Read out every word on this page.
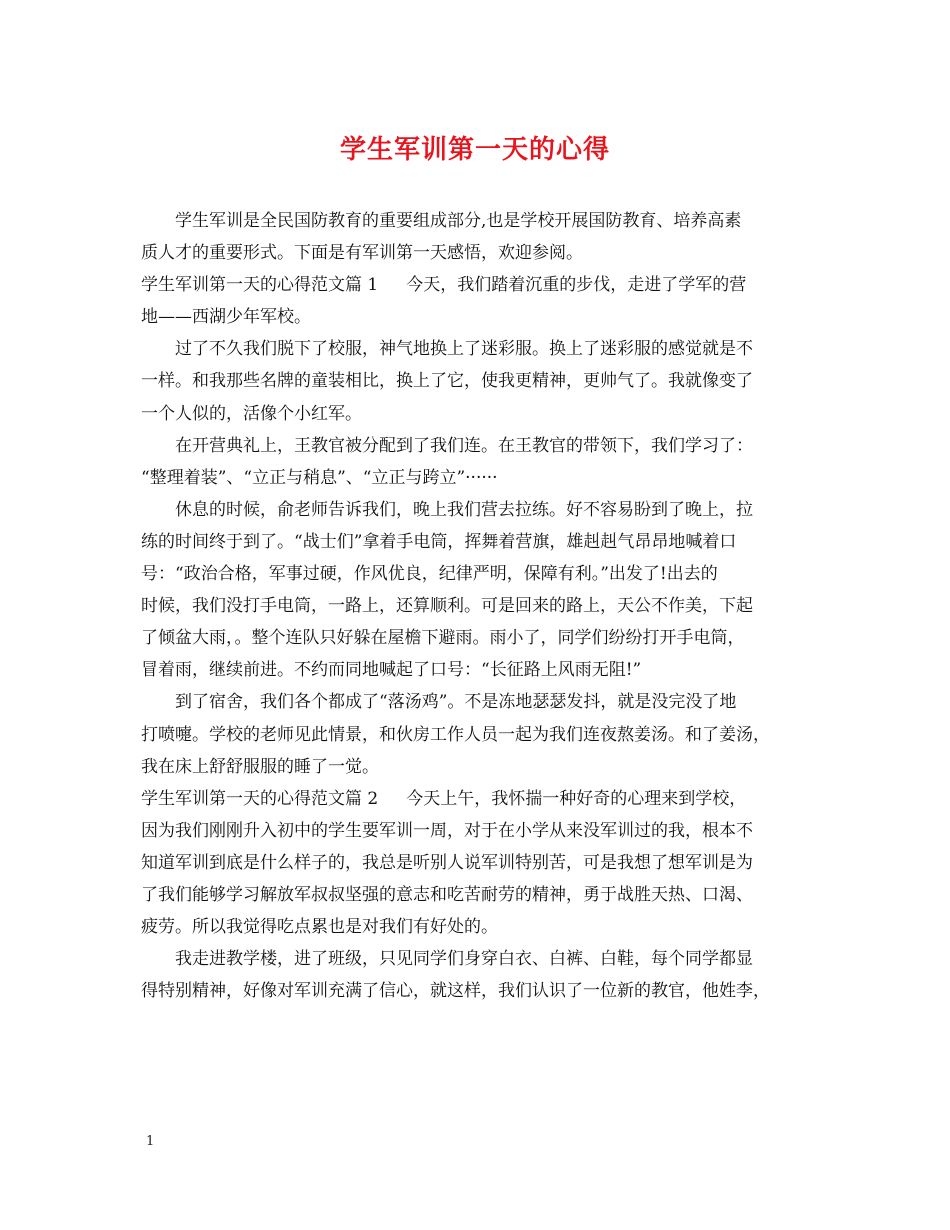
学生军训第一天的心得
学生军训是全民国防教育的重要组成部分,也是学校开展国防教育、培养高素
质人才的重要形式。下面是有军训第一天感悟，欢迎参阅。
学生军训第一天的心得范文篇 1 今天，我们踏着沉重的步伐，走进了学军的营
地——西湖少年军校。
过了不久我们脱下了校服，神气地换上了迷彩服。换上了迷彩服的感觉就是不
一样。和我那些名牌的童装相比，换上了它，使我更精神，更帅气了。我就像变了
一个人似的，活像个小红军。
在开营典礼上，王教官被分配到了我们连。在王教官的带领下，我们学习了：
“整理着装”、“立正与稍息”、“立正与跨立”······
休息的时候，俞老师告诉我们，晚上我们营去拉练。好不容易盼到了晚上，拉
练的时间终于到了。“战士们”拿着手电筒，挥舞着营旗，雄赳赳气昂昂地喊着口
号：“政治合格，军事过硬，作风优良，纪律严明，保障有利。”出发了!出去的
时候，我们没打手电筒，一路上，还算顺利。可是回来的路上，天公不作美，下起
了倾盆大雨，。整个连队只好躲在屋檐下避雨。雨小了，同学们纷纷打开手电筒，
冒着雨，继续前进。不约而同地喊起了口号：“长征路上风雨无阻!”
到了宿舍，我们各个都成了“落汤鸡”。不是冻地瑟瑟发抖，就是没完没了地
打喷嚏。学校的老师见此情景，和伙房工作人员一起为我们连夜熬姜汤。和了姜汤，
我在床上舒舒服服的睡了一觉。
学生军训第一天的心得范文篇 2 今天上午，我怀揣一种好奇的心理来到学校，
因为我们刚刚升入初中的学生要军训一周，对于在小学从来没军训过的我，根本不
知道军训到底是什么样子的，我总是听别人说军训特别苦，可是我想了想军训是为
了我们能够学习解放军叔叔坚强的意志和吃苦耐劳的精神，勇于战胜天热、口渴、
疲劳。所以我觉得吃点累也是对我们有好处的。
我走进教学楼，进了班级，只见同学们身穿白衣、白裤、白鞋，每个同学都显
得特别精神，好像对军训充满了信心，就这样，我们认识了一位新的教官，他姓李，
1
